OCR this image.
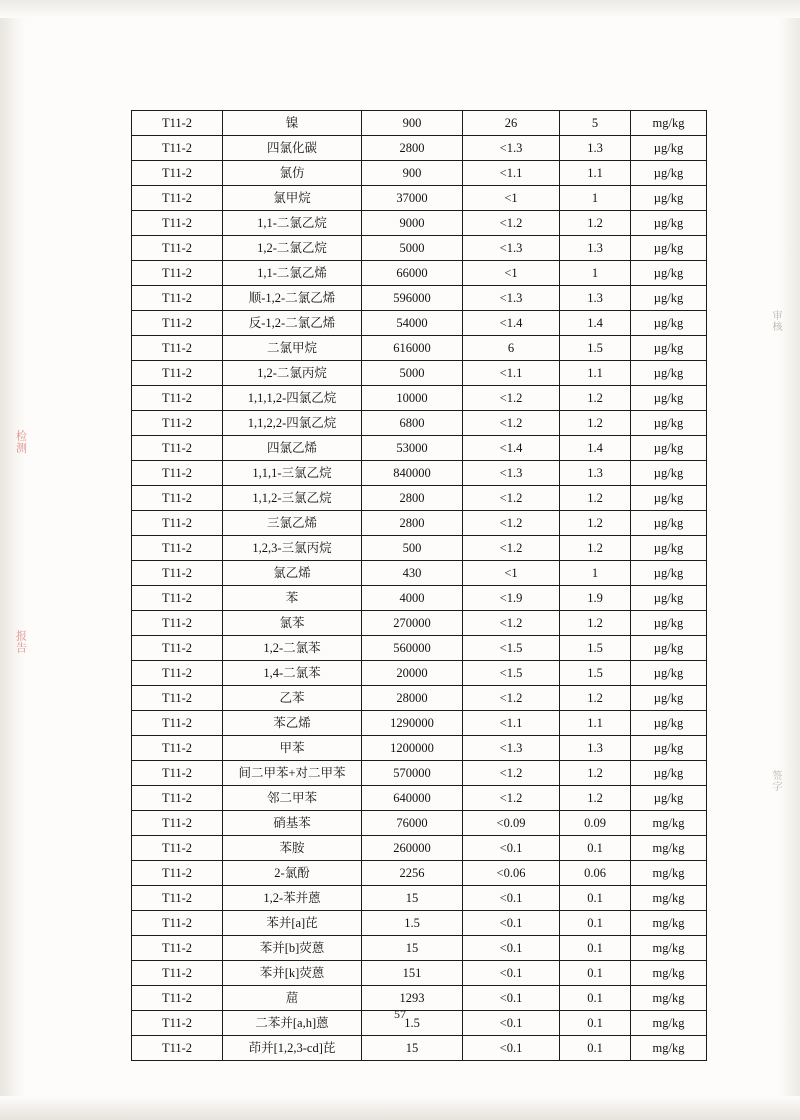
检测
报告
审核
签字
T11-2	镍	900	26	5	mg/kg
T11-2	四氯化碳	2800	<1.3	1.3	µg/kg
T11-2	氯仿	900	<1.1	1.1	µg/kg
T11-2	氯甲烷	37000	<1	1	µg/kg
T11-2	1,1-二氯乙烷	9000	<1.2	1.2	µg/kg
T11-2	1,2-二氯乙烷	5000	<1.3	1.3	µg/kg
T11-2	1,1-二氯乙烯	66000	<1	1	µg/kg
T11-2	顺-1,2-二氯乙烯	596000	<1.3	1.3	µg/kg
T11-2	反-1,2-二氯乙烯	54000	<1.4	1.4	µg/kg
T11-2	二氯甲烷	616000	6	1.5	µg/kg
T11-2	1,2-二氯丙烷	5000	<1.1	1.1	µg/kg
T11-2	1,1,1,2-四氯乙烷	10000	<1.2	1.2	µg/kg
T11-2	1,1,2,2-四氯乙烷	6800	<1.2	1.2	µg/kg
T11-2	四氯乙烯	53000	<1.4	1.4	µg/kg
T11-2	1,1,1-三氯乙烷	840000	<1.3	1.3	µg/kg
T11-2	1,1,2-三氯乙烷	2800	<1.2	1.2	µg/kg
T11-2	三氯乙烯	2800	<1.2	1.2	µg/kg
T11-2	1,2,3-三氯丙烷	500	<1.2	1.2	µg/kg
T11-2	氯乙烯	430	<1	1	µg/kg
T11-2	苯	4000	<1.9	1.9	µg/kg
T11-2	氯苯	270000	<1.2	1.2	µg/kg
T11-2	1,2-二氯苯	560000	<1.5	1.5	µg/kg
T11-2	1,4-二氯苯	20000	<1.5	1.5	µg/kg
T11-2	乙苯	28000	<1.2	1.2	µg/kg
T11-2	苯乙烯	1290000	<1.1	1.1	µg/kg
T11-2	甲苯	1200000	<1.3	1.3	µg/kg
T11-2	间二甲苯+对二甲苯	570000	<1.2	1.2	µg/kg
T11-2	邻二甲苯	640000	<1.2	1.2	µg/kg
T11-2	硝基苯	76000	<0.09	0.09	mg/kg
T11-2	苯胺	260000	<0.1	0.1	mg/kg
T11-2	2-氯酚	2256	<0.06	0.06	mg/kg
T11-2	1,2-苯并蒽	15	<0.1	0.1	mg/kg
T11-2	苯并[a]芘	1.5	<0.1	0.1	mg/kg
T11-2	苯并[b]荧蒽	15	<0.1	0.1	mg/kg
T11-2	苯并[k]荧蒽	151	<0.1	0.1	mg/kg
T11-2	䓛	1293	<0.1	0.1	mg/kg
T11-2	二苯并[a,h]蒽	1.5	<0.1	0.1	mg/kg
T11-2	茚并[1,2,3-cd]芘	15	<0.1	0.1	mg/kg
57
